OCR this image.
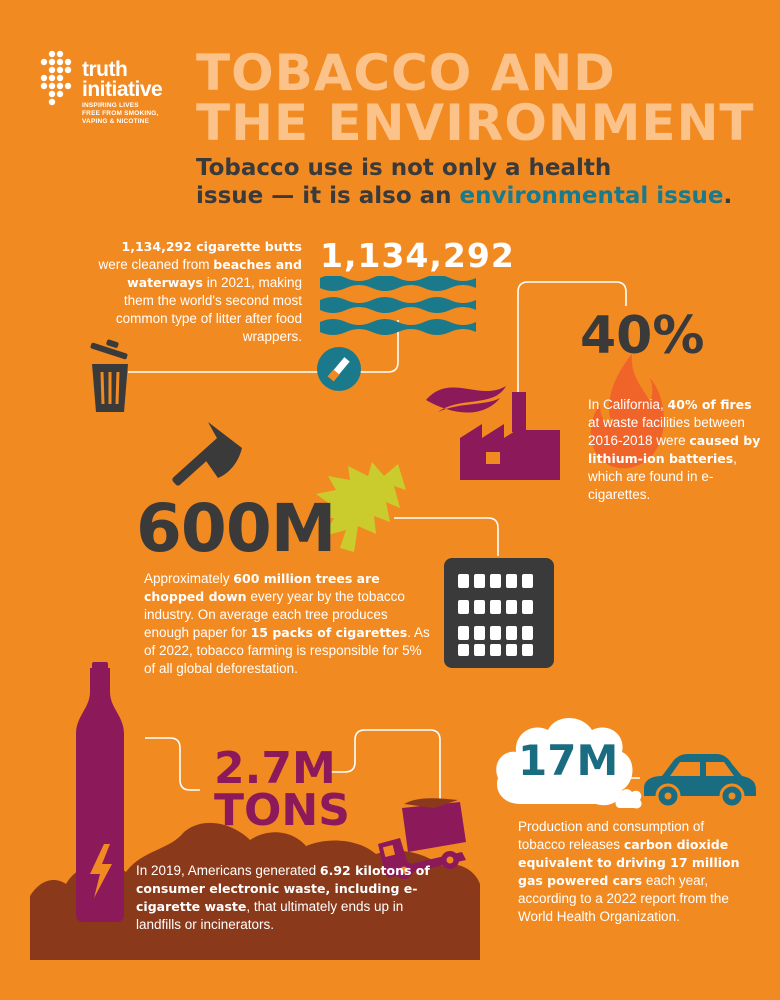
truth
initiative
INSPIRING LIVES
FREE FROM SMOKING,
VAPING & NICOTINE
TOBACCO AND
THE ENVIRONMENT
Tobacco use is not only a health
issue — it is also an environmental issue.
1,134,292
1,134,292 cigarette butts were cleaned from beaches and waterways in 2021, making them the world's second most common type of litter after food wrappers.	40%
In California, 40% of fires at waste facilities between 2016-2018 were caused by lithium-ion batteries, which are found in e-cigarettes.
600M
Approximately 600 million trees are chopped down every year by the tobacco industry. On average each tree produces enough paper for 15 packs of cigarettes. As of 2022, tobacco farming is responsible for 5% of all global deforestation.
2.7M
TONS
In 2019, Americans generated 6.92 kilotons of consumer electronic waste, including e-cigarette waste, that ultimately ends up in landfills or incinerators.
17M
Production and consumption of tobacco releases carbon dioxide equivalent to driving 17 million gas powered cars each year, according to a 2022 report from the World Health Organization.
